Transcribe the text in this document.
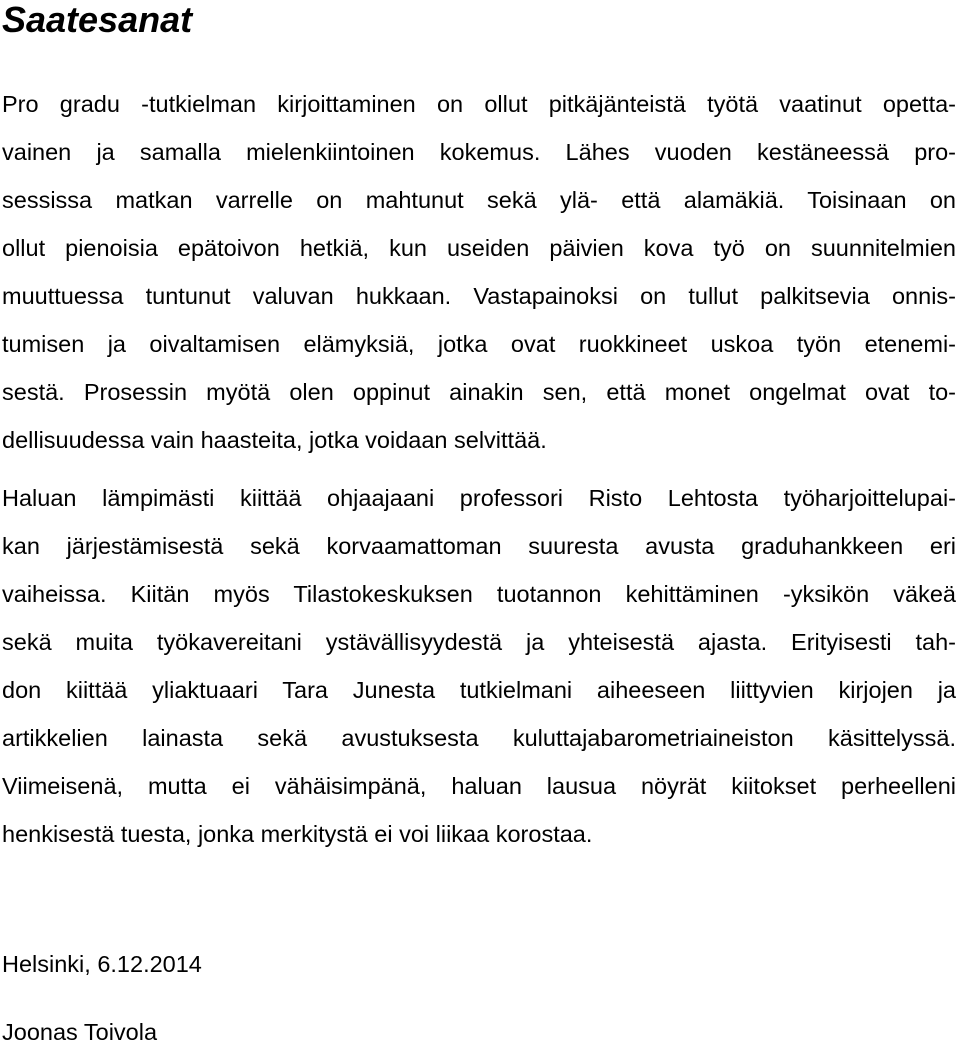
Saatesanat
Pro gradu -tutkielman kirjoittaminen on ollut pitkäjänteistä työtä vaatinut opetta-
vainen ja samalla mielenkiintoinen kokemus. Lähes vuoden kestäneessä pro-
sessissa matkan varrelle on mahtunut sekä ylä- että alamäkiä. Toisinaan on
ollut pienoisia epätoivon hetkiä, kun useiden päivien kova työ on suunnitelmien
muuttuessa tuntunut valuvan hukkaan. Vastapainoksi on tullut palkitsevia onnis-
tumisen ja oivaltamisen elämyksiä, jotka ovat ruokkineet uskoa työn etenemi-
sestä. Prosessin myötä olen oppinut ainakin sen, että monet ongelmat ovat to-
dellisuudessa vain haasteita, jotka voidaan selvittää.
Haluan lämpimästi kiittää ohjaajaani professori Risto Lehtosta työharjoittelupai-
kan järjestämisestä sekä korvaamattoman suuresta avusta graduhankkeen eri
vaiheissa. Kiitän myös Tilastokeskuksen tuotannon kehittäminen -yksikön väkeä
sekä muita työkavereitani ystävällisyydestä ja yhteisestä ajasta. Erityisesti tah-
don kiittää yliaktuaari Tara Junesta tutkielmani aiheeseen liittyvien kirjojen ja
artikkelien lainasta sekä avustuksesta kuluttajabarometriaineiston käsittelyssä.
Viimeisenä, mutta ei vähäisimpänä, haluan lausua nöyrät kiitokset perheelleni
henkisestä tuesta, jonka merkitystä ei voi liikaa korostaa.

Helsinki, 6.12.2014

Joonas Toivola
